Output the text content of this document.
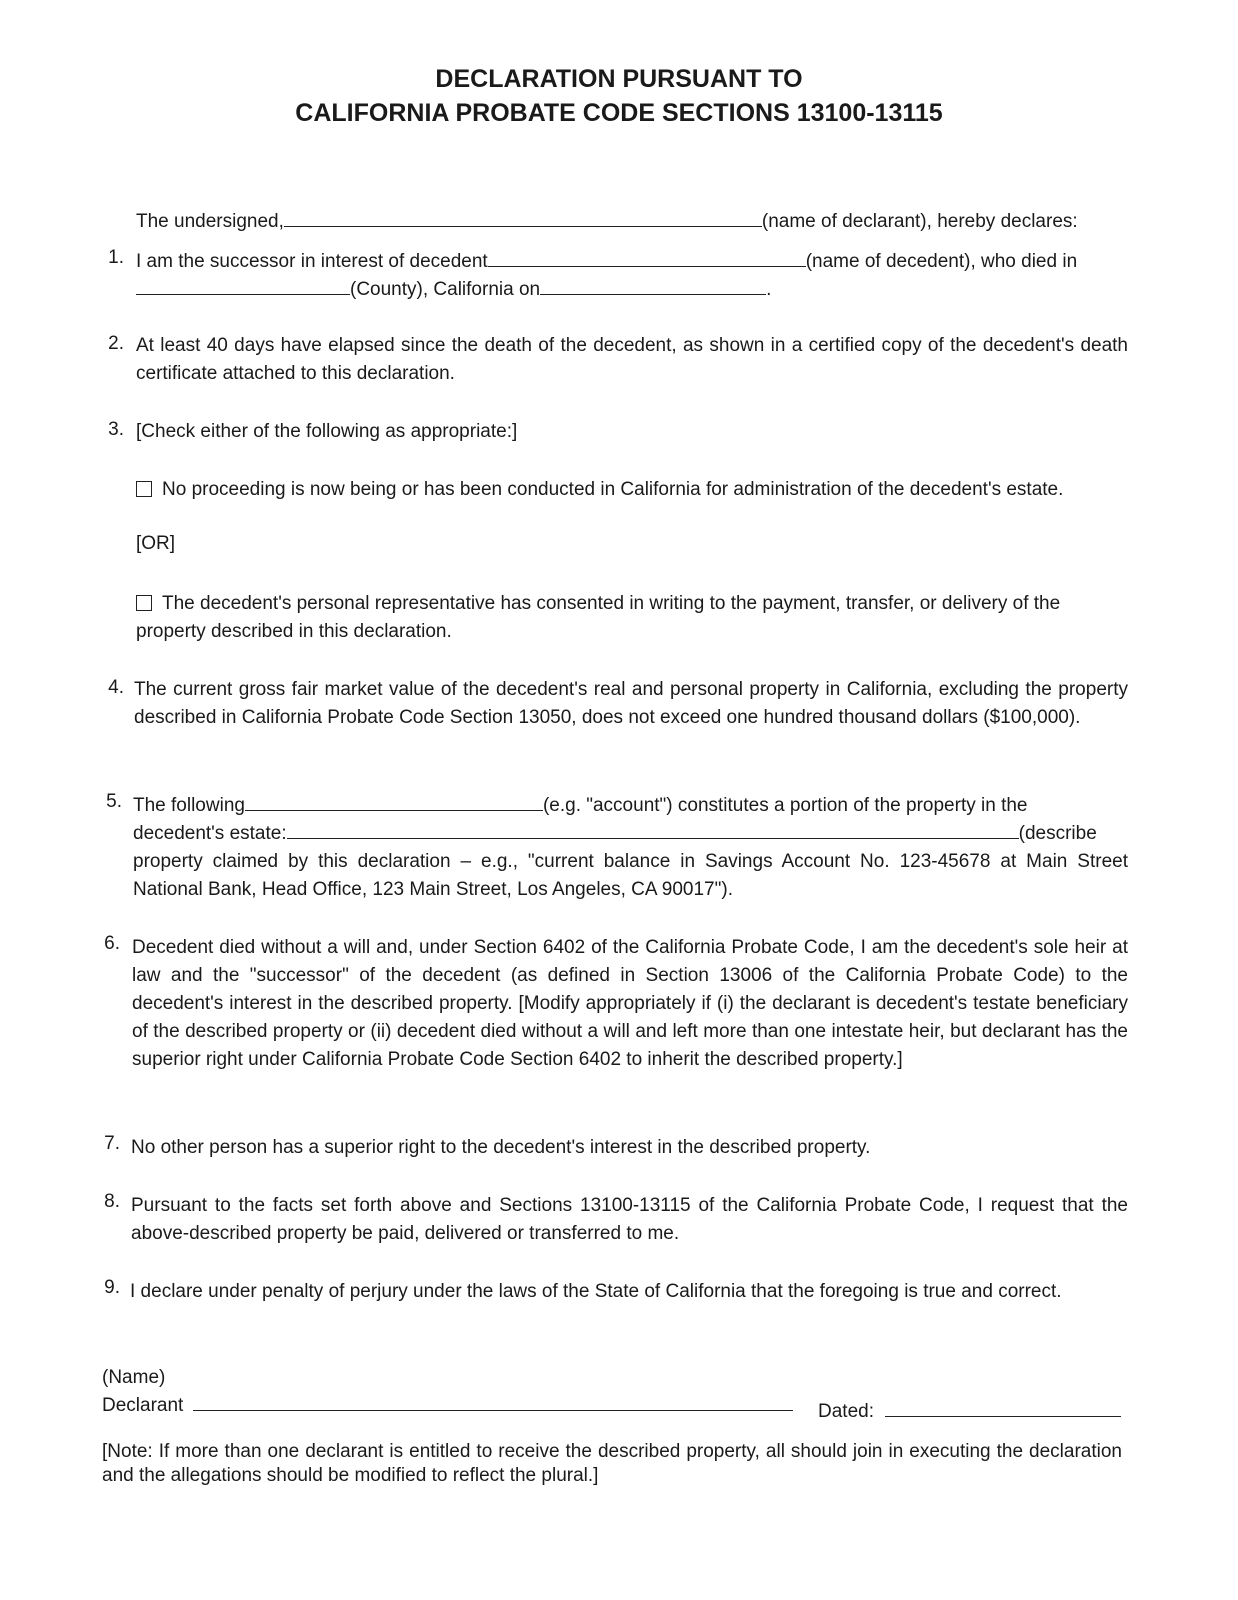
DECLARATION PURSUANT TO
CALIFORNIA PROBATE CODE SECTIONS 13100-13115
The undersigned,	(name of declarant), hereby declares:
1. I am the successor in interest of decedent	(name of decedent), who died in
(County), California on	.
2. At least 40 days have elapsed since the death of the decedent, as shown in a certified copy of the decedent's death certificate attached to this declaration.
3. [Check either of the following as appropriate:]
No proceeding is now being or has been conducted in California for administration of the decedent's estate.
[OR]
The decedent's personal representative has consented in writing to the payment, transfer, or delivery of the property described in this declaration.
4. The current gross fair market value of the decedent's real and personal property in California, excluding the property described in California Probate Code Section 13050, does not exceed one hundred thousand dollars ($100,000).
5. The following	(e.g. "account") constitutes a portion of the property in the
decedent's estate:	(describe
property claimed by this declaration – e.g., "current balance in Savings Account No. 123-45678 at Main Street National Bank, Head Office, 123 Main Street, Los Angeles, CA 90017").
6. Decedent died without a will and, under Section 6402 of the California Probate Code, I am the decedent's sole heir at law and the "successor" of the decedent (as defined in Section 13006 of the California Probate Code) to the decedent's interest in the described property. [Modify appropriately if (i) the declarant is decedent's testate beneficiary of the described property or (ii) decedent died without a will and left more than one intestate heir, but declarant has the superior right under California Probate Code Section 6402 to inherit the described property.]
7. No other person has a superior right to the decedent's interest in the described property.
8. Pursuant to the facts set forth above and Sections 13100-13115 of the California Probate Code, I request that the above-described property be paid, delivered or transferred to me.
9. I declare under penalty of perjury under the laws of the State of California that the foregoing is true and correct.
(Name)
Declarant	Dated:
[Note: If more than one declarant is entitled to receive the described property, all should join in executing the declaration and the allegations should be modified to reflect the plural.]
